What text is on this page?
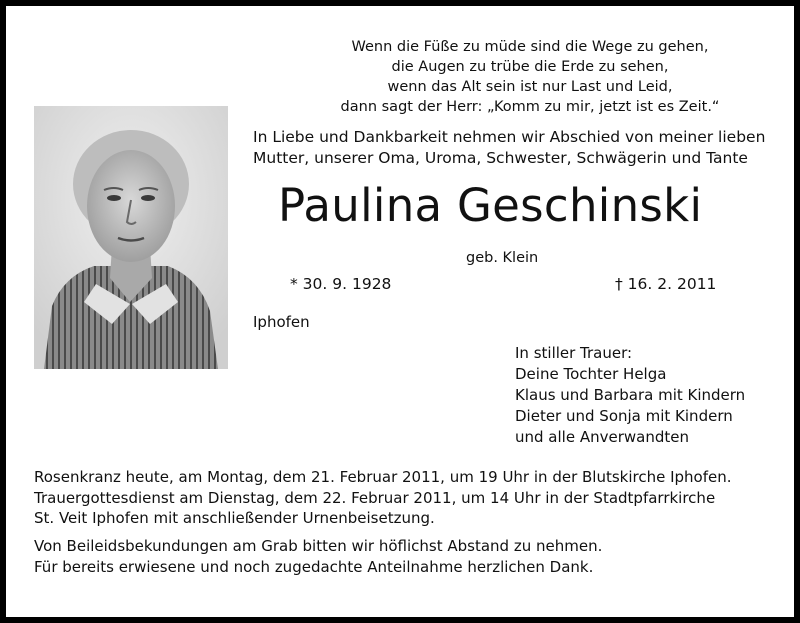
Wenn die Füße zu müde sind die Wege zu gehen,
die Augen zu trübe die Erde zu sehen,
wenn das Alt sein ist nur Last und Leid,
dann sagt der Herr: „Komm zu mir, jetzt ist es Zeit.“
In Liebe und Dankbarkeit nehmen wir Abschied von meiner lieben
Mutter, unserer Oma, Uroma, Schwester, Schwägerin und Tante
Paulina Geschinski
geb. Klein
* 30. 9. 1928	† 16. 2. 2011
Iphofen
In stiller Trauer:
Deine Tochter Helga
Klaus und Barbara mit Kindern
Dieter und Sonja mit Kindern
und alle Anverwandten
Rosenkranz heute, am Montag, dem 21. Februar 2011, um 19 Uhr in der Blutskirche Iphofen.
Trauergottesdienst am Dienstag, dem 22. Februar 2011, um 14 Uhr in der Stadtpfarrkirche
St. Veit Iphofen mit anschließender Urnenbeisetzung.
Von Beileidsbekundungen am Grab bitten wir höflichst Abstand zu nehmen.
Für bereits erwiesene und noch zugedachte Anteilnahme herzlichen Dank.
